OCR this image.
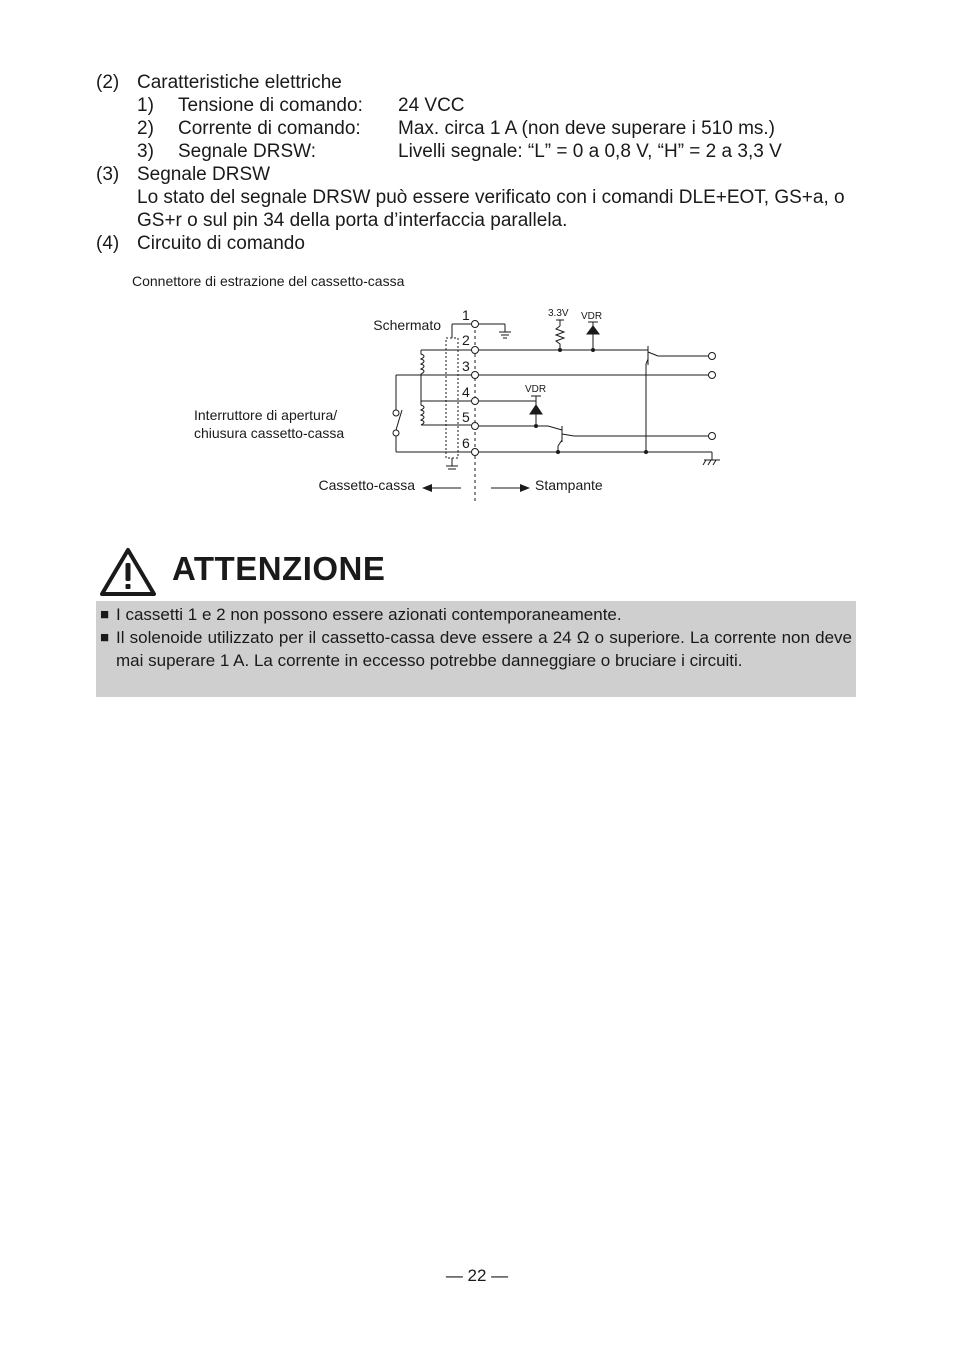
(2) Caratteristiche elettriche
1)	Tensione di comando:	24 VCC
2)	Corrente di comando:	Max. circa 1 A (non deve superare i 510 ms.)
3)	Segnale DRSW:	Livelli segnale: “L” = 0 a 0,8 V, “H” = 2 a 3,3 V
(3) Segnale DRSW
Lo stato del segnale DRSW può essere verificato con i comandi DLE+EOT, GS+a, o GS+r o sul pin 34 della porta d’interfaccia parallela.
(4) Circuito di comando
Connettore di estrazione del cassetto-cassa
Schermato
1
2
3
4
5
6
3.3V VDR
VDR
Interruttore di apertura/
chiusura cassetto-cassa
Cassetto-cassa	Stampante
ATTENZIONE
■ I cassetti 1 e 2 non possono essere azionati contemporaneamente.
■ Il solenoide utilizzato per il cassetto-cassa deve essere a 24 Ω o superiore. La corrente non deve mai superare 1 A. La corrente in eccesso potrebbe danneggiare o bruciare i circuiti.
— 22 —
